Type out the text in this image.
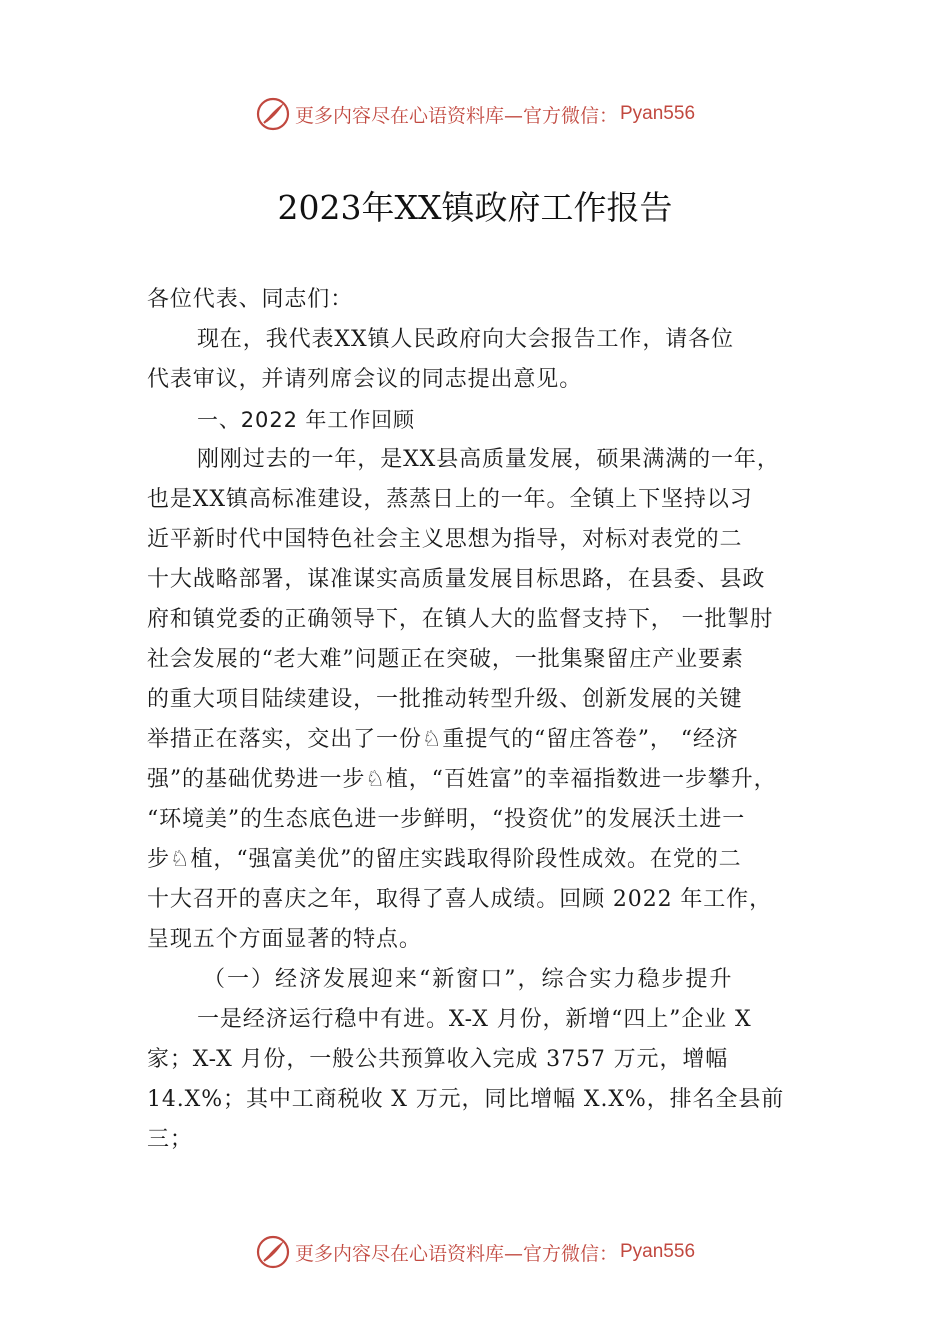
更多内容尽在心语资料库—官方微信： Pyan556
2023年XX镇政府工作报告
各位代表、同志们：
现在，我代表XX镇人民政府向大会报告工作，请各位
代表审议，并请列席会议的同志提出意见。
一、2022 年工作回顾
刚刚过去的一年，是XX县高质量发展，硕果满满的一年，
也是XX镇高标准建设，蒸蒸日上的一年。全镇上下坚持以习
近平新时代中国特色社会主义思想为指导，对标对表党的二
十大战略部署，谋准谋实高质量发展目标思路，在县委、县政
府和镇党委的正确领导下，在镇人大的监督支持下， 一批掣肘
社会发展的“老大难”问题正在突破，一批集聚留庄产业要素
的重大项目陆续建设，一批推动转型升级、创新发展的关键
举措正在落实，交出了一份♘重提气的“留庄答卷”， “经济
强”的基础优势进一步♘植，“百姓富”的幸福指数进一步攀升，
“环境美”的生态底色进一步鲜明，“投资优”的发展沃土进一
步♘植，“强富美优”的留庄实践取得阶段性成效。在党的二
十大召开的喜庆之年，取得了喜人成绩。回顾 2022 年工作，
呈现五个方面显著的特点。
（一）经济发展迎来“新窗口”，综合实力稳步提升
一是经济运行稳中有进。X-X 月份，新增“四上”企业 X
家；X-X 月份，一般公共预算收入完成 3757 万元，增幅
14.X%；其中工商税收 X 万元，同比增幅 X.X%，排名全县前
三；
更多内容尽在心语资料库—官方微信： Pyan556
